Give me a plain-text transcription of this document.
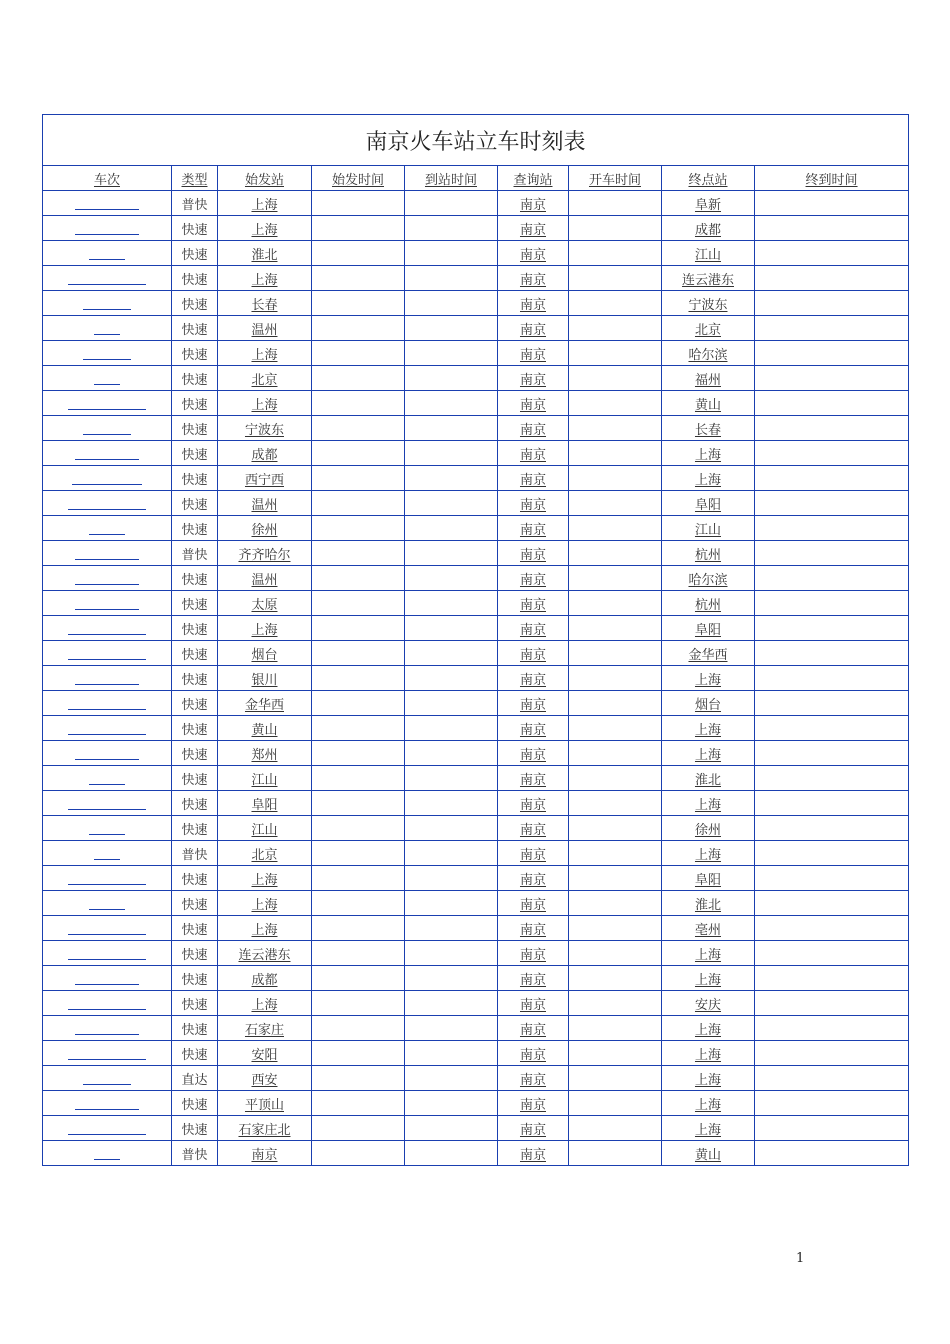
南京火车站立车时刻表								
车次	类型	始发站	始发时间	到站时间	查询站	开车时间	终点站	终到时间
	普快	上海			南京		阜新	
	快速	上海			南京		成都	
	快速	淮北			南京		江山	
	快速	上海			南京		连云港东	
	快速	长春			南京		宁波东	
	快速	温州			南京		北京	
	快速	上海			南京		哈尔滨	
	快速	北京			南京		福州	
	快速	上海			南京		黄山	
	快速	宁波东			南京		长春	
	快速	成都			南京		上海	
	快速	西宁西			南京		上海	
	快速	温州			南京		阜阳	
	快速	徐州			南京		江山	
	普快	齐齐哈尔			南京		杭州	
	快速	温州			南京		哈尔滨	
	快速	太原			南京		杭州	
	快速	上海			南京		阜阳	
	快速	烟台			南京		金华西	
	快速	银川			南京		上海	
	快速	金华西			南京		烟台	
	快速	黄山			南京		上海	
	快速	郑州			南京		上海	
	快速	江山			南京		淮北	
	快速	阜阳			南京		上海	
	快速	江山			南京		徐州	
	普快	北京			南京		上海	
	快速	上海			南京		阜阳	
	快速	上海			南京		淮北	
	快速	上海			南京		亳州	
	快速	连云港东			南京		上海	
	快速	成都			南京		上海	
	快速	上海			南京		安庆	
	快速	石家庄			南京		上海	
	快速	安阳			南京		上海	
	直达	西安			南京		上海	
	快速	平顶山			南京		上海	
	快速	石家庄北			南京		上海	
	普快	南京			南京		黄山	
1
